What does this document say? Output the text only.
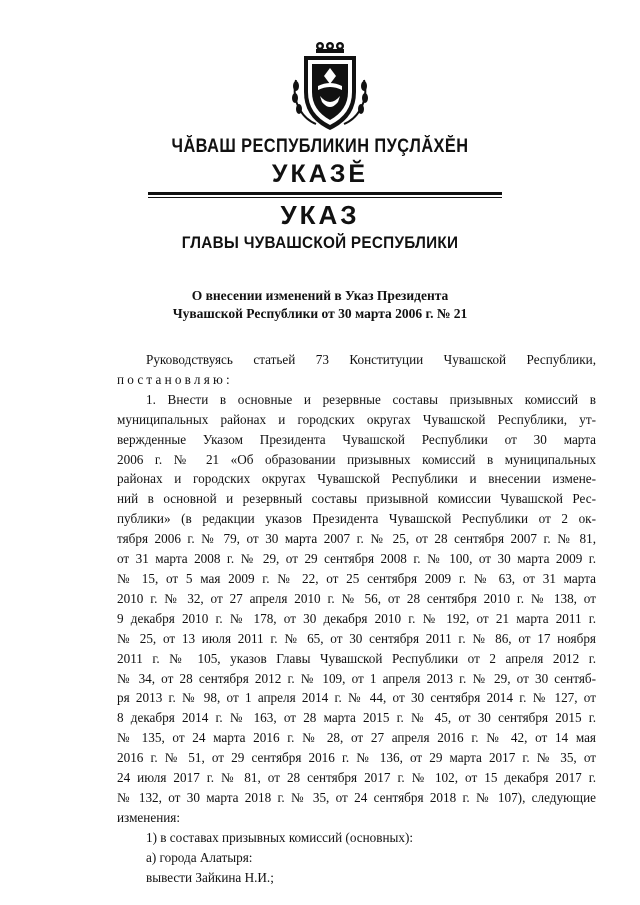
ЧĂВАШ РЕСПУБЛИКИН ПУÇЛĂХĔН
УКАЗĔ
УКАЗ
ГЛАВЫ ЧУВАШСКОЙ РЕСПУБЛИКИ
О внесении изменений в Указ Президента
Чувашской Республики от 30 марта 2006 г. № 21

Руководствуясь статьей 73 Конституции Чувашской Республики,

постановляю:

1. Внести в основные и резервные составы призывных комиссий в

муниципальных районах и городских округах Чувашской Республики, ут-

вержденные Указом Президента Чувашской Республики от 30 марта

2006 г. № 21 «Об образовании призывных комиссий в муниципальных

районах и городских округах Чувашской Республики и внесении измене-

ний в основной и резервный составы призывной комиссии Чувашской Рес-

публики» (в редакции указов Президента Чувашской Республики от 2 ок-

тября 2006 г. № 79, от 30 марта 2007 г. № 25, от 28 сентября 2007 г. № 81,

от 31 марта 2008 г. № 29, от 29 сентября 2008 г. № 100, от 30 марта 2009 г.

№ 15, от 5 мая 2009 г. № 22, от 25 сентября 2009 г. № 63, от 31 марта

2010 г. № 32, от 27 апреля 2010 г. № 56, от 28 сентября 2010 г. № 138, от

9 декабря 2010 г. № 178, от 30 декабря 2010 г. № 192, от 21 марта 2011 г.

№ 25, от 13 июля 2011 г. № 65, от 30 сентября 2011 г. № 86, от 17 ноября

2011 г. № 105, указов Главы Чувашской Республики от 2 апреля 2012 г.

№ 34, от 28 сентября 2012 г. № 109, от 1 апреля 2013 г. № 29, от 30 сентяб-

ря 2013 г. № 98, от 1 апреля 2014 г. № 44, от 30 сентября 2014 г. № 127, от

8 декабря 2014 г. № 163, от 28 марта 2015 г. № 45, от 30 сентября 2015 г.

№ 135, от 24 марта 2016 г. № 28, от 27 апреля 2016 г. № 42, от 14 мая

2016 г. № 51, от 29 сентября 2016 г. № 136, от 29 марта 2017 г. № 35, от

24 июля 2017 г. № 81, от 28 сентября 2017 г. № 102, от 15 декабря 2017 г.

№ 132, от 30 марта 2018 г. № 35, от 24 сентября 2018 г. № 107), следующие

изменения:

1) в составах призывных комиссий (основных):

а) города Алатыря:

вывести Зайкина Н.И.;
